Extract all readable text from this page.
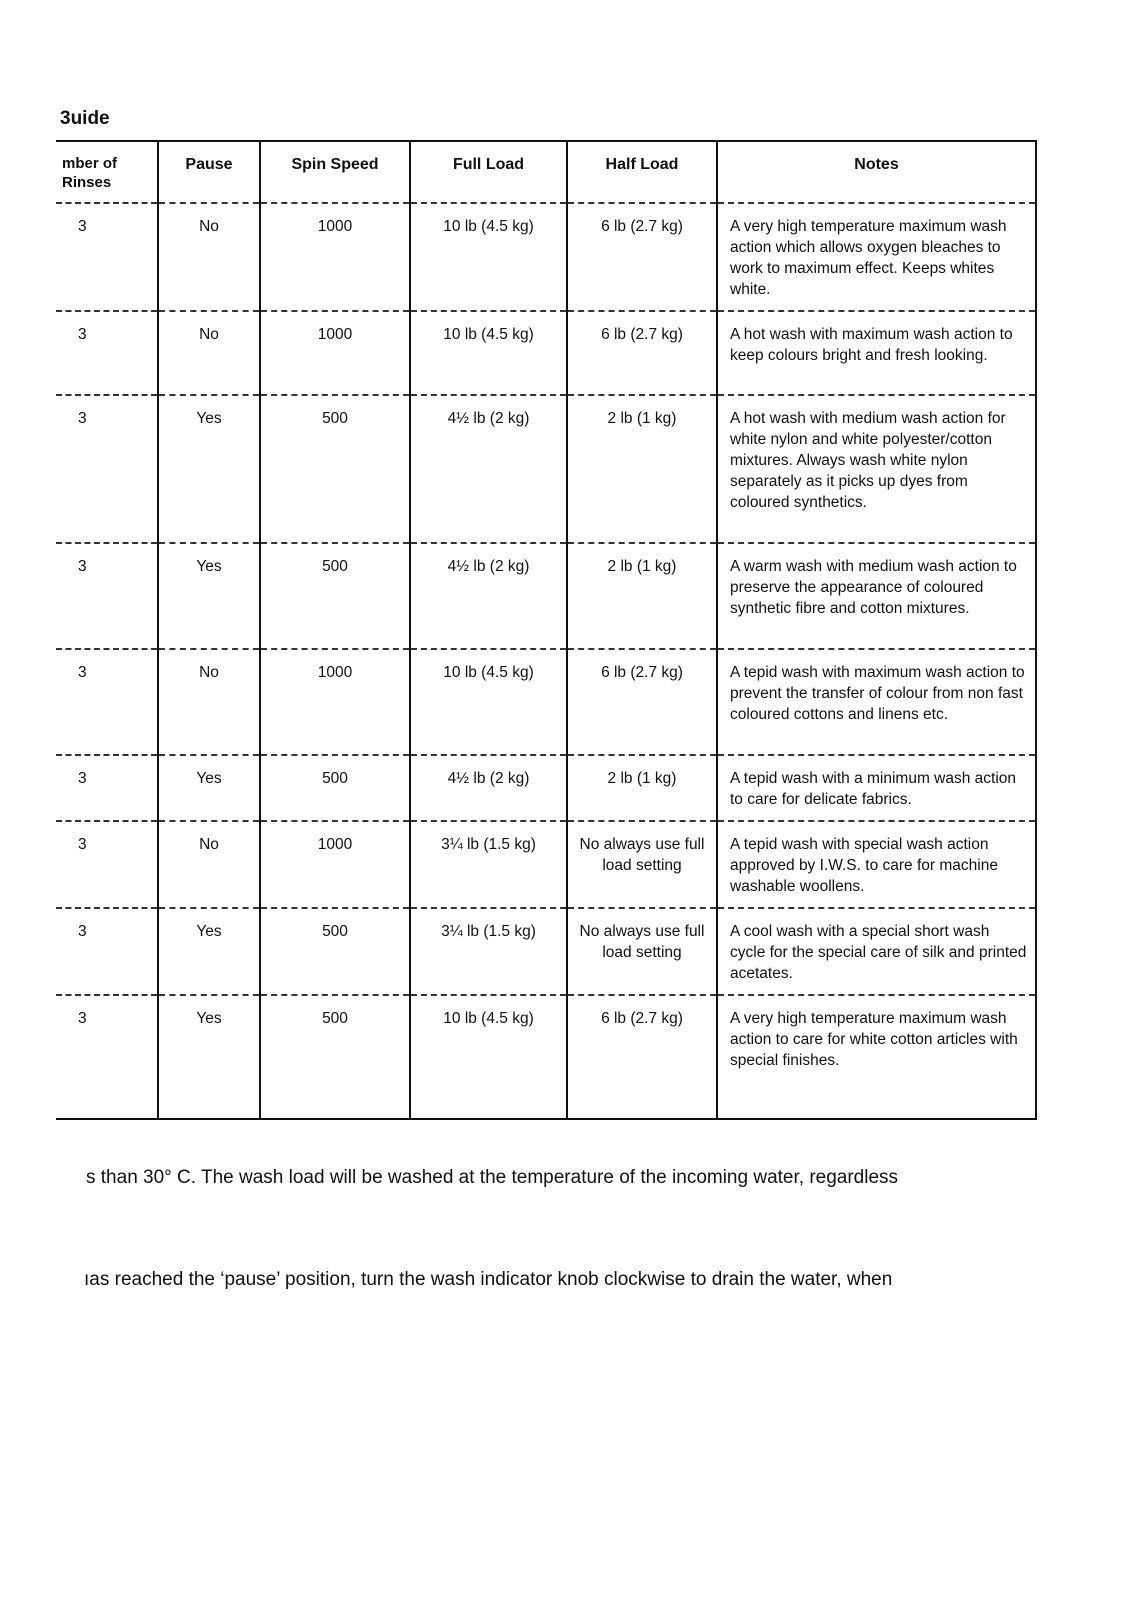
3uide
mber of
Rinses	Pause	Spin Speed	Full Load	Half Load	Notes
3	No	1000	10 lb (4.5 kg)	6 lb (2.7 kg)	A very high temperature maximum wash action which allows oxygen bleaches to work to maximum effect. Keeps whites white.
3	No	1000	10 lb (4.5 kg)	6 lb (2.7 kg)	A hot wash with maximum wash action to keep colours bright and fresh looking.
3	Yes	500	4½ lb (2 kg)	2 lb (1 kg)	A hot wash with medium wash action for white nylon and white polyester/cotton mixtures. Always wash white nylon separately as it picks up dyes from coloured synthetics.
3	Yes	500	4½ lb (2 kg)	2 lb (1 kg)	A warm wash with medium wash action to preserve the appearance of coloured synthetic fibre and cotton mixtures.
3	No	1000	10 lb (4.5 kg)	6 lb (2.7 kg)	A tepid wash with maximum wash action to prevent the transfer of colour from non fast coloured cottons and linens etc.
3	Yes	500	4½ lb (2 kg)	2 lb (1 kg)	A tepid wash with a minimum wash action to care for delicate fabrics.
3	No	1000	3¼ lb (1.5 kg)	No always use full load setting	A tepid wash with special wash action approved by I.W.S. to care for machine washable woollens.
3	Yes	500	3¼ lb (1.5 kg)	No always use full load setting	A cool wash with a special short wash cycle for the special care of silk and printed acetates.
3	Yes	500	10 lb (4.5 kg)	6 lb (2.7 kg)	A very high temperature maximum wash action to care for white cotton articles with special finishes.

s than 30° C. The wash load will be washed at the temperature of the incoming water, regardless

ıas reached the ‘pause’ position, turn the wash indicator knob clockwise to drain the water, when
